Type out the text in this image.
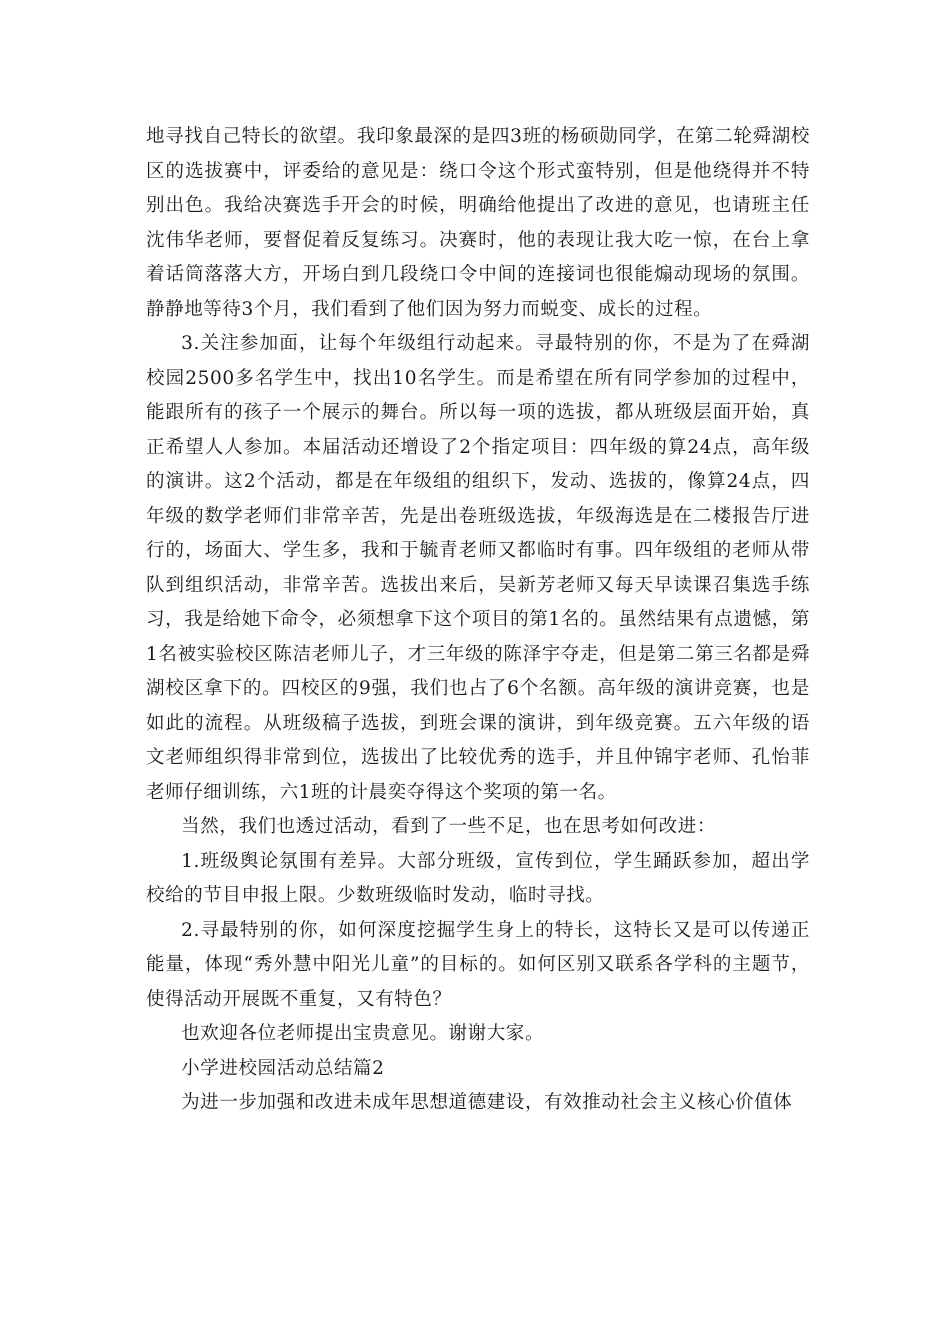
地寻找自己特长的欲望。我印象最深的是四3班的杨硕勋同学，在第二轮舜湖校区的选拔赛中，评委给的意见是：绕口令这个形式蛮特别，但是他绕得并不特别出色。我给决赛选手开会的时候，明确给他提出了改进的意见，也请班主任沈伟华老师，要督促着反复练习。决赛时，他的表现让我大吃一惊，在台上拿着话筒落落大方，开场白到几段绕口令中间的连接词也很能煽动现场的氛围。静静地等待3个月，我们看到了他们因为努力而蜕变、成长的过程。

3.关注参加面，让每个年级组行动起来。寻最特别的你，不是为了在舜湖校园2500多名学生中，找出10名学生。而是希望在所有同学参加的过程中，能跟所有的孩子一个展示的舞台。所以每一项的选拔，都从班级层面开始，真正希望人人参加。本届活动还增设了2个指定项目：四年级的算24点，高年级的演讲。这2个活动，都是在年级组的组织下，发动、选拔的，像算24点，四年级的数学老师们非常辛苦，先是出卷班级选拔，年级海选是在二楼报告厅进行的，场面大、学生多，我和于毓青老师又都临时有事。四年级组的老师从带队到组织活动，非常辛苦。选拔出来后，吴新芳老师又每天早读课召集选手练习，我是给她下命令，必须想拿下这个项目的第1名的。虽然结果有点遗憾，第1名被实验校区陈洁老师儿子，才三年级的陈泽宇夺走，但是第二第三名都是舜湖校区拿下的。四校区的9强，我们也占了6个名额。高年级的演讲竞赛，也是如此的流程。从班级稿子选拔，到班会课的演讲，到年级竞赛。五六年级的语文老师组织得非常到位，选拔出了比较优秀的选手，并且仲锦宇老师、孔怡菲老师仔细训练，六1班的计晨奕夺得这个奖项的第一名。

当然，我们也透过活动，看到了一些不足，也在思考如何改进：

1.班级舆论氛围有差异。大部分班级，宣传到位，学生踊跃参加，超出学校给的节目申报上限。少数班级临时发动，临时寻找。

2.寻最特别的你，如何深度挖掘学生身上的特长，这特长又是可以传递正能量，体现“秀外慧中阳光儿童”的目标的。如何区别又联系各学科的主题节，使得活动开展既不重复，又有特色？

也欢迎各位老师提出宝贵意见。谢谢大家。

小学进校园活动总结篇2

为进一步加强和改进未成年思想道德建设，有效推动社会主义核心价值体
